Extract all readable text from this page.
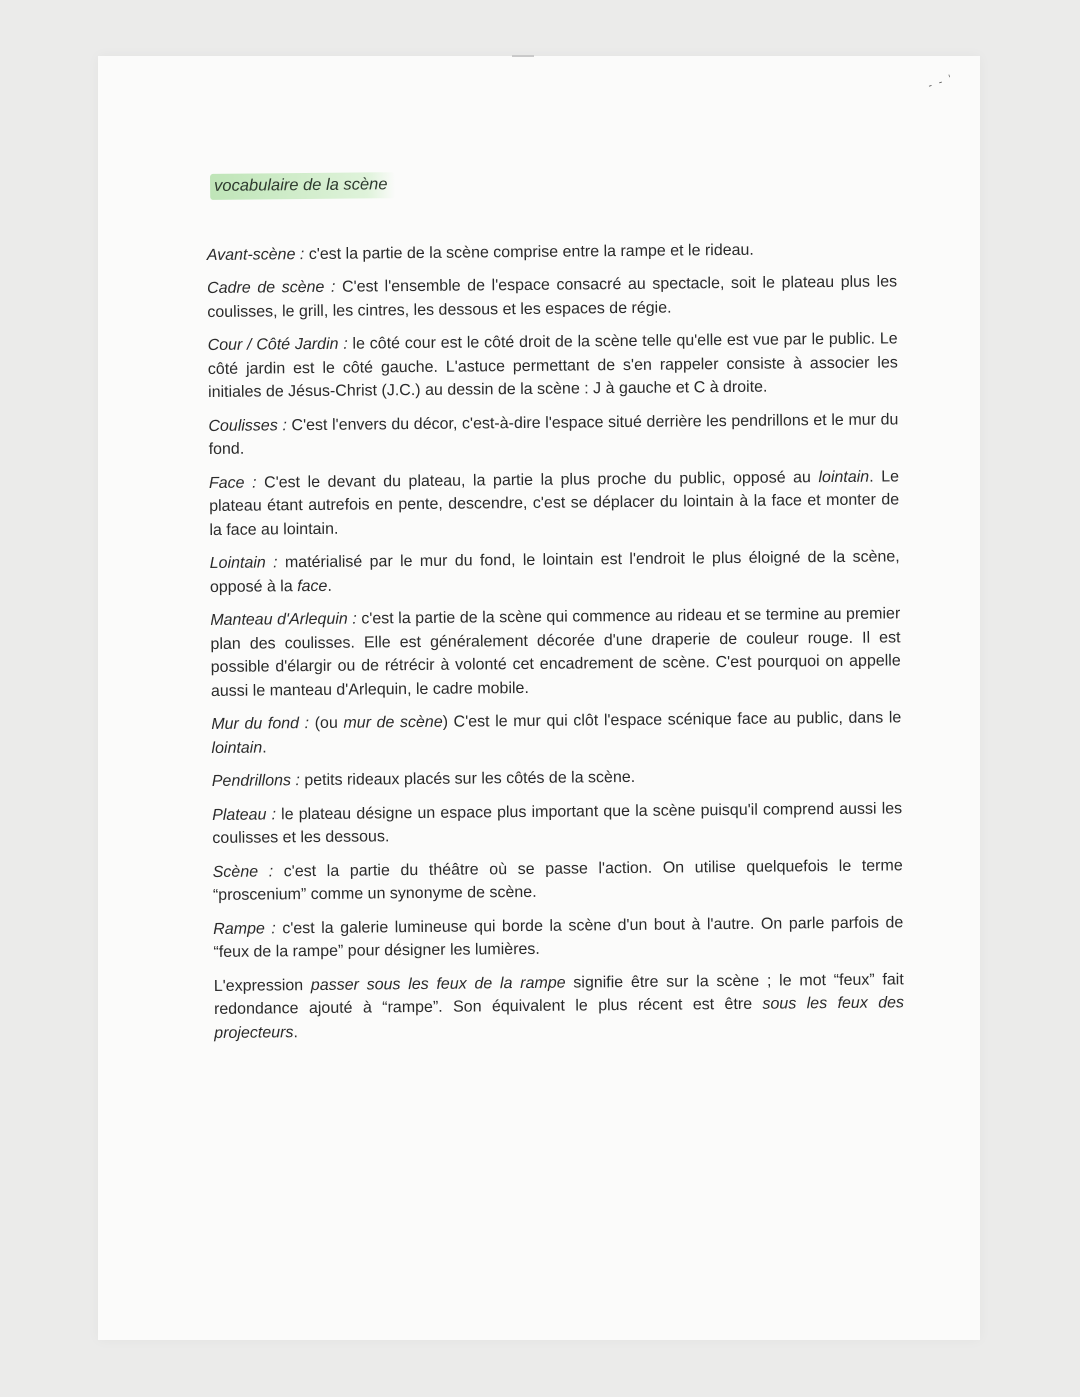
‑ ‑ ˈ
vocabulaire de la scène

Avant-scène : c'est la partie de la scène comprise entre la rampe et le rideau.

Cadre de scène : C'est l'ensemble de l'espace consacré au spectacle, soit le plateau plus les coulisses, le grill, les cintres, les dessous et les espaces de régie.

Cour / Côté Jardin : le côté cour est le côté droit de la scène telle qu'elle est vue par le public. Le côté jardin est le côté gauche. L'astuce permettant de s'en rappeler consiste à associer les initiales de Jésus-Christ (J.C.) au dessin de la scène : J à gauche et C à droite.

Coulisses : C'est l'envers du décor, c'est-à-dire l'espace situé derrière les pendrillons et le mur du fond.

Face : C'est le devant du plateau, la partie la plus proche du public, opposé au lointain. Le plateau étant autrefois en pente, descendre, c'est se déplacer du lointain à la face et monter de la face au lointain.

Lointain : matérialisé par le mur du fond, le lointain est l'endroit le plus éloigné de la scène, opposé à la face.

Manteau d'Arlequin : c'est la partie de la scène qui commence au rideau et se termine au premier plan des coulisses. Elle est généralement décorée d'une draperie de couleur rouge. Il est possible d'élargir ou de rétrécir à volonté cet encadrement de scène. C'est pourquoi on appelle aussi le manteau d'Arlequin, le cadre mobile.

Mur du fond : (ou mur de scène) C'est le mur qui clôt l'espace scénique face au public, dans le lointain.

Pendrillons : petits rideaux placés sur les côtés de la scène.

Plateau : le plateau désigne un espace plus important que la scène puisqu'il comprend aussi les coulisses et les dessous.

Scène : c'est la partie du théâtre où se passe l'action. On utilise quelquefois le terme “proscenium” comme un synonyme de scène.

Rampe : c'est la galerie lumineuse qui borde la scène d'un bout à l'autre. On parle parfois de “feux de la rampe” pour désigner les lumières.

L'expression passer sous les feux de la rampe signifie être sur la scène ; le mot “feux” fait redondance ajouté à “rampe”. Son équivalent le plus récent est être sous les feux des projecteurs.
